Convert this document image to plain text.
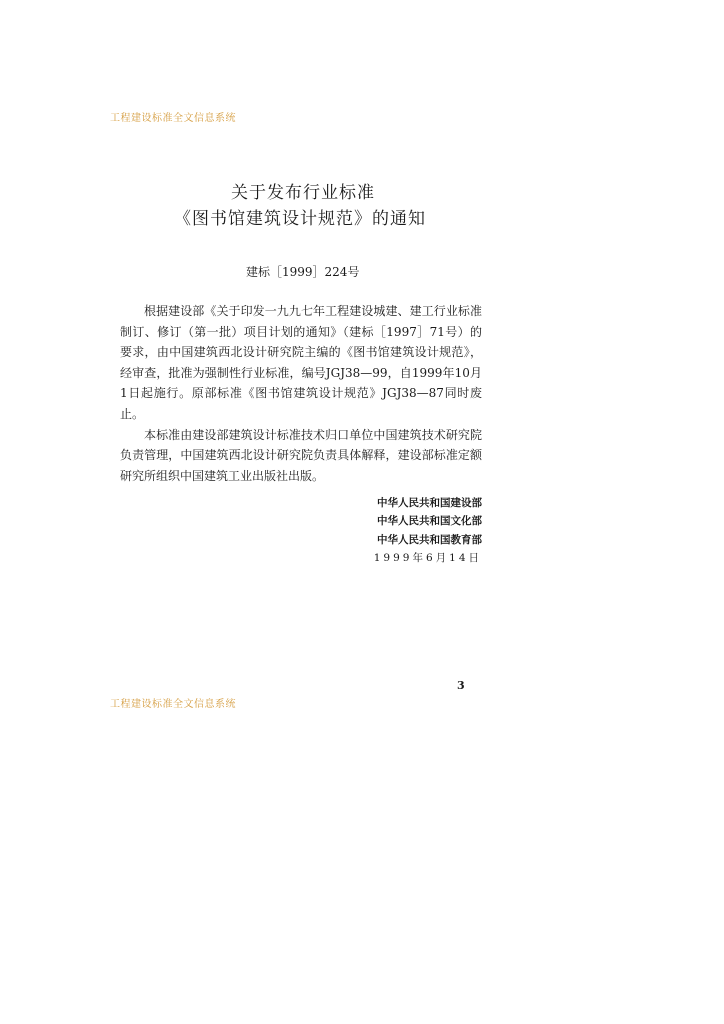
工程建设标准全文信息系统
关于发布行业标准
《图书馆建筑设计规范》的通知
建标［1999］224号

根据建设部《关于印发一九九七年工程建设城建、建工行业标准制订、修订（第一批）项目计划的通知》（建标［1997］71号）的要求，由中国建筑西北设计研究院主编的《图书馆建筑设计规范》，经审查，批准为强制性行业标准，编号JGJ38—99，自1999年10月1日起施行。原部标准《图书馆建筑设计规范》JGJ38—87同时废止。

本标准由建设部建筑设计标准技术归口单位中国建筑技术研究院负责管理，中国建筑西北设计研究院负责具体解释，建设部标准定额研究所组织中国建筑工业出版社出版。

中华人民共和国建设部
中华人民共和国文化部
中华人民共和国教育部
1999年6月14日
3
工程建设标准全文信息系统
